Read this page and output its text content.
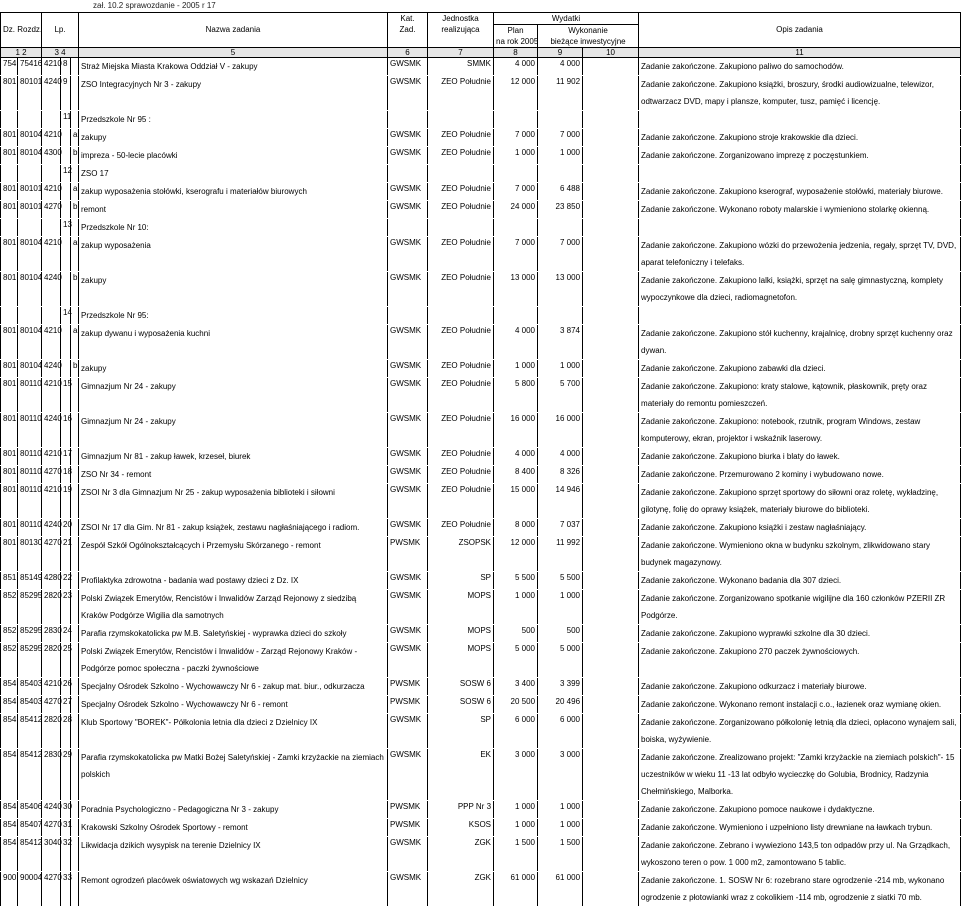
zał. 10.2 sprawozdanie - 2005 r 17

Dz. Rozdz.		Lp.			Nazwa zadania	Kat.
Zad.	Jednostka
realizująca	Wydatki			Opis zadania
								Plan
na rok 2005	Wykonanie
bieżące inwestycyjne		
1 2		3 4			5	6	7	8	9	10	11
754	75416	4210	8		Straż Miejska Miasta Krakowa Oddział V - zakupy	GWSMK	SMMK	4 000	4 000		Zadanie zakończone. Zakupiono paliwo do samochodów.
801	80101	4240	9		ZSO Integracyjnych Nr 3 - zakupy	GWSMK	ZEO Południe	12 000	11 902		Zadanie zakończone. Zakupiono książki, broszury, środki audiowizualne, telewizor, odtwarzacz DVD, mapy i plansze, komputer, tusz, pamięć i licencję.
			11		Przedszkole Nr 95 :						
801	80104	4210		a	zakupy	GWSMK	ZEO Południe	7 000	7 000		Zadanie zakończone. Zakupiono stroje krakowskie dla dzieci.
801	80104	4300		b	impreza - 50-lecie placówki	GWSMK	ZEO Południe	1 000	1 000		Zadanie zakończone. Zorganizowano imprezę z poczęstunkiem.
			12		ZSO 17						
801	80101	4210		a	zakup wyposażenia stołówki, kserografu i materiałów biurowych	GWSMK	ZEO Południe	7 000	6 488		Zadanie zakończone. Zakupiono kserograf, wyposażenie stołówki, materiały biurowe.
801	80101	4270		b	remont	GWSMK	ZEO Południe	24 000	23 850		Zadanie zakończone. Wykonano roboty malarskie i wymieniono stolarkę okienną.
			13		Przedszkole Nr 10:						
801	80104	4210		a	zakup wyposażenia	GWSMK	ZEO Południe	7 000	7 000		Zadanie zakończone. Zakupiono wózki do przewożenia jedzenia, regały, sprzęt TV, DVD, aparat telefoniczny i telefaks.
801	80104	4240		b	zakupy	GWSMK	ZEO Południe	13 000	13 000		Zadanie zakończone. Zakupiono lalki, książki, sprzęt na salę gimnastyczną, komplety wypoczynkowe dla dzieci, radiomagnetofon.
			14		Przedszkole Nr 95:						
801	80104	4210		a	zakup dywanu i wyposażenia kuchni	GWSMK	ZEO Południe	4 000	3 874		Zadanie zakończone. Zakupiono stół kuchenny, krajalnicę, drobny sprzęt kuchenny oraz dywan.
801	80104	4240		b	zakupy	GWSMK	ZEO Południe	1 000	1 000		Zadanie zakończone. Zakupiono zabawki dla dzieci.
801	80110	4210	15		Gimnazjum Nr 24 - zakupy	GWSMK	ZEO Południe	5 800	5 700		Zadanie zakończone. Zakupiono: kraty stalowe, kątownik, płaskownik, pręty oraz materiały do remontu pomieszczeń.
801	80110	4240	16		Gimnazjum Nr 24 - zakupy	GWSMK	ZEO Południe	16 000	16 000		Zadanie zakończone. Zakupiono: notebook, rzutnik, program Windows, zestaw komputerowy, ekran, projektor i wskaźnik laserowy.
801	80110	4210	17		Gimnazjum Nr 81 - zakup ławek, krzeseł, biurek	GWSMK	ZEO Południe	4 000	4 000		Zadanie zakończone. Zakupiono biurka i blaty do ławek.
801	80110	4270	18		ZSO Nr 34 - remont	GWSMK	ZEO Południe	8 400	8 326		Zadanie zakończone. Przemurowano 2 kominy i wybudowano nowe.
801	80110	4210	19		ZSOI Nr 3 dla Gimnazjum Nr 25 - zakup wyposażenia biblioteki i siłowni	GWSMK	ZEO Południe	15 000	14 946		Zadanie zakończone. Zakupiono sprzęt sportowy do siłowni oraz roletę, wykładzinę, gilotynę, folię do oprawy książek, materiały biurowe do biblioteki.
801	80110	4240	20		ZSOI Nr 17 dla Gim. Nr 81 - zakup książek, zestawu nagłaśniającego i radiom.	GWSMK	ZEO Południe	8 000	7 037		Zadanie zakończone. Zakupiono książki i zestaw nagłaśniający.
801	80130	4270	21		Zespół Szkół Ogólnokształcących i Przemysłu Skórzanego - remont	PWSMK	ZSOPSK	12 000	11 992		Zadanie zakończone. Wymieniono okna w budynku szkolnym, zlikwidowano stary budynek magazynowy.
851	85149	4280	22		Profilaktyka zdrowotna - badania wad postawy dzieci z Dz. IX	GWSMK	SP	5 500	5 500		Zadanie zakończone. Wykonano badania dla 307 dzieci.
852	85295	2820	23		Polski Związek Emerytów, Rencistów i Inwalidów Zarząd Rejonowy z siedzibą Kraków Podgórze Wigilia dla samotnych	GWSMK	MOPS	1 000	1 000		Zadanie zakończone. Zorganizowano spotkanie wigilijne dla 160 członków PZERII ZR Podgórze.
852	85295	2830	24		Parafia rzymskokatolicka pw M.B. Saletyńskiej - wyprawka dzieci do szkoły	GWSMK	MOPS	500	500		Zadanie zakończone. Zakupiono wyprawki szkolne dla 30 dzieci.
852	85295	2820	25		Polski Związek Emerytów, Rencistów i Inwalidów - Zarząd Rejonowy Kraków - Podgórze pomoc społeczna - paczki żywnościowe	GWSMK	MOPS	5 000	5 000		Zadanie zakończone. Zakupiono 270 paczek żywnościowych.
854	85403	4210	26		Specjalny Ośrodek Szkolno - Wychowawczy Nr 6 - zakup mat. biur., odkurzacza	PWSMK	SOSW 6	3 400	3 399		Zadanie zakończone. Zakupiono odkurzacz i materiały biurowe.
854	85403	4270	27		Specjalny Ośrodek Szkolno - Wychowawczy Nr 6 - remont	PWSMK	SOSW 6	20 500	20 496		Zadanie zakończone. Wykonano remont instalacji c.o., łazienek oraz wymianę okien.
854	85412	2820	28		Klub Sportowy "BOREK"- Półkolonia letnia dla dzieci z Dzielnicy IX	GWSMK	SP	6 000	6 000		Zadanie zakończone. Zorganizowano półkolonię letnią dla dzieci, opłacono wynajem sali, boiska, wyżywienie.
854	85412	2830	29		Parafia rzymskokatolicka pw Matki Bożej Saletyńskiej - Zamki krzyżackie na ziemiach polskich	GWSMK	EK	3 000	3 000		Zadanie zakończone. Zrealizowano projekt: "Zamki krzyżackie na ziemiach polskich"- 15 uczestników w wieku 11 -13 lat odbyło wycieczkę do Golubia, Brodnicy, Radzynia Chełmińskiego, Malborka.
854	85406	4240	30		Poradnia Psychologiczno - Pedagogiczna Nr 3 - zakupy	PWSMK	PPP Nr 3	1 000	1 000		Zadanie zakończone. Zakupiono pomoce naukowe i dydaktyczne.
854	85407	4270	31		Krakowski Szkolny Ośrodek Sportowy - remont	PWSMK	KSOS	1 000	1 000		Zadanie zakończone. Wymieniono i uzpełniono listy drewniane na ławkach trybun.
854	85412	3040	32		Likwidacja dzikich wysypisk na terenie Dzielnicy IX	GWSMK	ZGK	1 500	1 500		Zadanie zakończone. Zebrano i wywieziono 143,5 ton odpadów przy ul. Na Grządkach, wykoszono teren o pow. 1 000 m2, zamontowano 5 tablic.
900	90004	4270	33		Remont ogrodzeń placówek oświatowych wg wskazań Dzielnicy	GWSMK	ZGK	61 000	61 000		Zadanie zakończone. 1. SOSW Nr 6: rozebrano stare ogrodzenie -214 mb, wykonano ogrodzenie z płotowianki wraz z cokolikiem -114 mb, ogrodzenie z siatki 70 mb.
